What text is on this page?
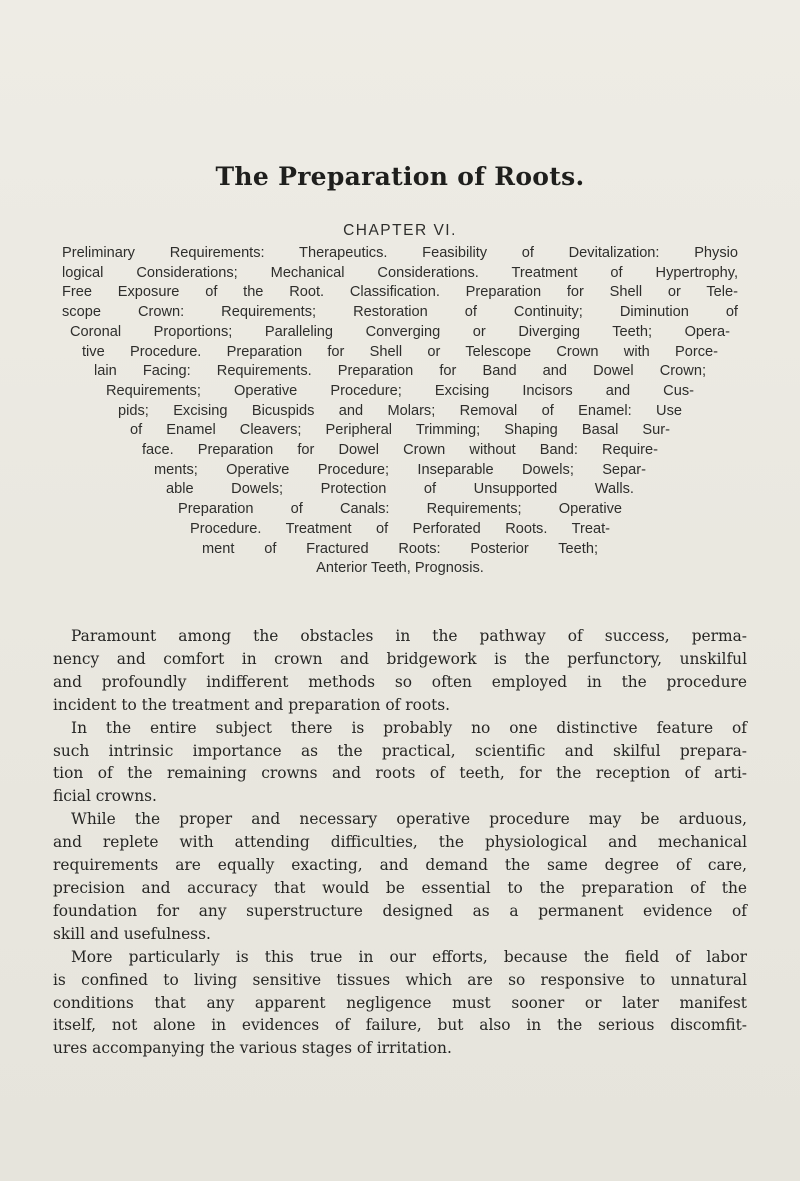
The Preparation of Roots.
CHAPTER VI.
Preliminary Requirements: Therapeutics. Feasibility of Devitalization: Physio
logical Considerations; Mechanical Considerations. Treatment of Hypertrophy,
Free Exposure of the Root. Classification. Preparation for Shell or Tele-
scope Crown: Requirements; Restoration of Continuity; Diminution of
Coronal Proportions; Paralleling Converging or Diverging Teeth; Opera-
tive Procedure. Preparation for Shell or Telescope Crown with Porce-
lain Facing: Requirements. Preparation for Band and Dowel Crown;
Requirements; Operative Procedure; Excising Incisors and Cus-
pids; Excising Bicuspids and Molars; Removal of Enamel: Use
of Enamel Cleavers; Peripheral Trimming; Shaping Basal Sur-
face. Preparation for Dowel Crown without Band: Require-
ments; Operative Procedure; Inseparable Dowels; Separ-
able Dowels; Protection of Unsupported Walls.
Preparation of Canals: Requirements; Operative
Procedure. Treatment of Perforated Roots. Treat-
ment of Fractured Roots: Posterior Teeth;
Anterior Teeth, Prognosis.
Paramount among the obstacles in the pathway of success, perma-
nency and comfort in crown and bridgework is the perfunctory, unskilful
and profoundly indifferent methods so often employed in the procedure
incident to the treatment and preparation of roots.
In the entire subject there is probably no one distinctive feature of
such intrinsic importance as the practical, scientific and skilful prepara-
tion of the remaining crowns and roots of teeth, for the reception of arti-
ficial crowns.
While the proper and necessary operative procedure may be arduous,
and replete with attending difficulties, the physiological and mechanical
requirements are equally exacting, and demand the same degree of care,
precision and accuracy that would be essential to the preparation of the
foundation for any superstructure designed as a permanent evidence of
skill and usefulness.
More particularly is this true in our efforts, because the field of labor
is confined to living sensitive tissues which are so responsive to unnatural
conditions that any apparent negligence must sooner or later manifest
itself, not alone in evidences of failure, but also in the serious discomfit-
ures accompanying the various stages of irritation.
